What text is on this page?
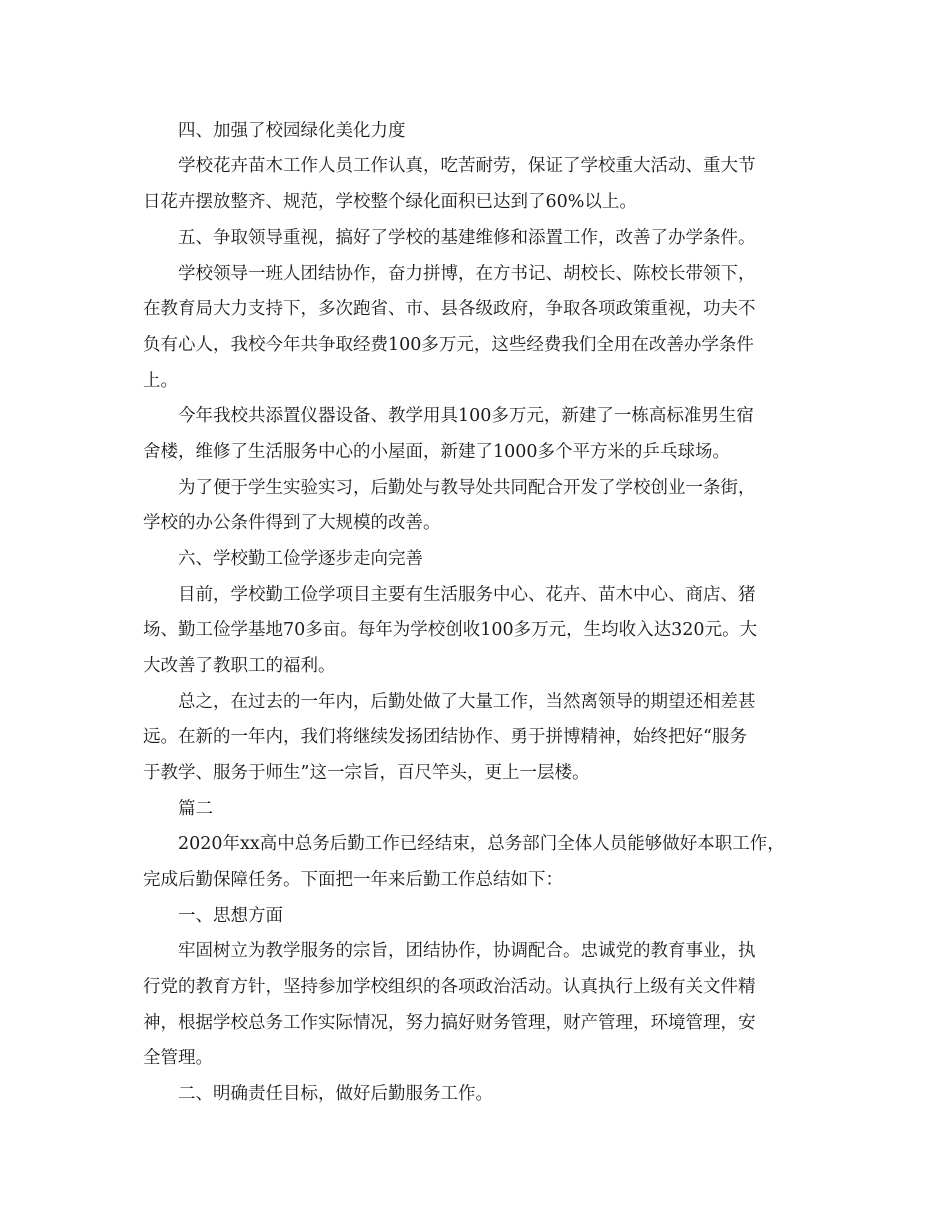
四、加强了校园绿化美化力度

学校花卉苗木工作人员工作认真，吃苦耐劳，保证了学校重大活动、重大节

日花卉摆放整齐、规范，学校整个绿化面积已达到了60%以上。

五、争取领导重视，搞好了学校的基建维修和添置工作，改善了办学条件。

学校领导一班人团结协作，奋力拼博，在方书记、胡校长、陈校长带领下，

在教育局大力支持下，多次跑省、市、县各级政府，争取各项政策重视，功夫不

负有心人，我校今年共争取经费100多万元，这些经费我们全用在改善办学条件

上。

今年我校共添置仪器设备、教学用具100多万元，新建了一栋高标准男生宿

舍楼，维修了生活服务中心的小屋面，新建了1000多个平方米的乒乓球场。

为了便于学生实验实习，后勤处与教导处共同配合开发了学校创业一条街，

学校的办公条件得到了大规模的改善。

六、学校勤工俭学逐步走向完善

目前，学校勤工俭学项目主要有生活服务中心、花卉、苗木中心、商店、猪

场、勤工俭学基地70多亩。每年为学校创收100多万元，生均收入达320元。大

大改善了教职工的福利。

总之，在过去的一年内，后勤处做了大量工作，当然离领导的期望还相差甚

远。在新的一年内，我们将继续发扬团结协作、勇于拼博精神，始终把好“服务

于教学、服务于师生”这一宗旨，百尺竿头，更上一层楼。

篇二

2020年xx高中总务后勤工作已经结束，总务部门全体人员能够做好本职工作，

完成后勤保障任务。下面把一年来后勤工作总结如下：

一、思想方面

牢固树立为教学服务的宗旨，团结协作，协调配合。忠诚党的教育事业，执

行党的教育方针，坚持参加学校组织的各项政治活动。认真执行上级有关文件精

神，根据学校总务工作实际情况，努力搞好财务管理，财产管理，环境管理，安

全管理。

二、明确责任目标，做好后勤服务工作。
